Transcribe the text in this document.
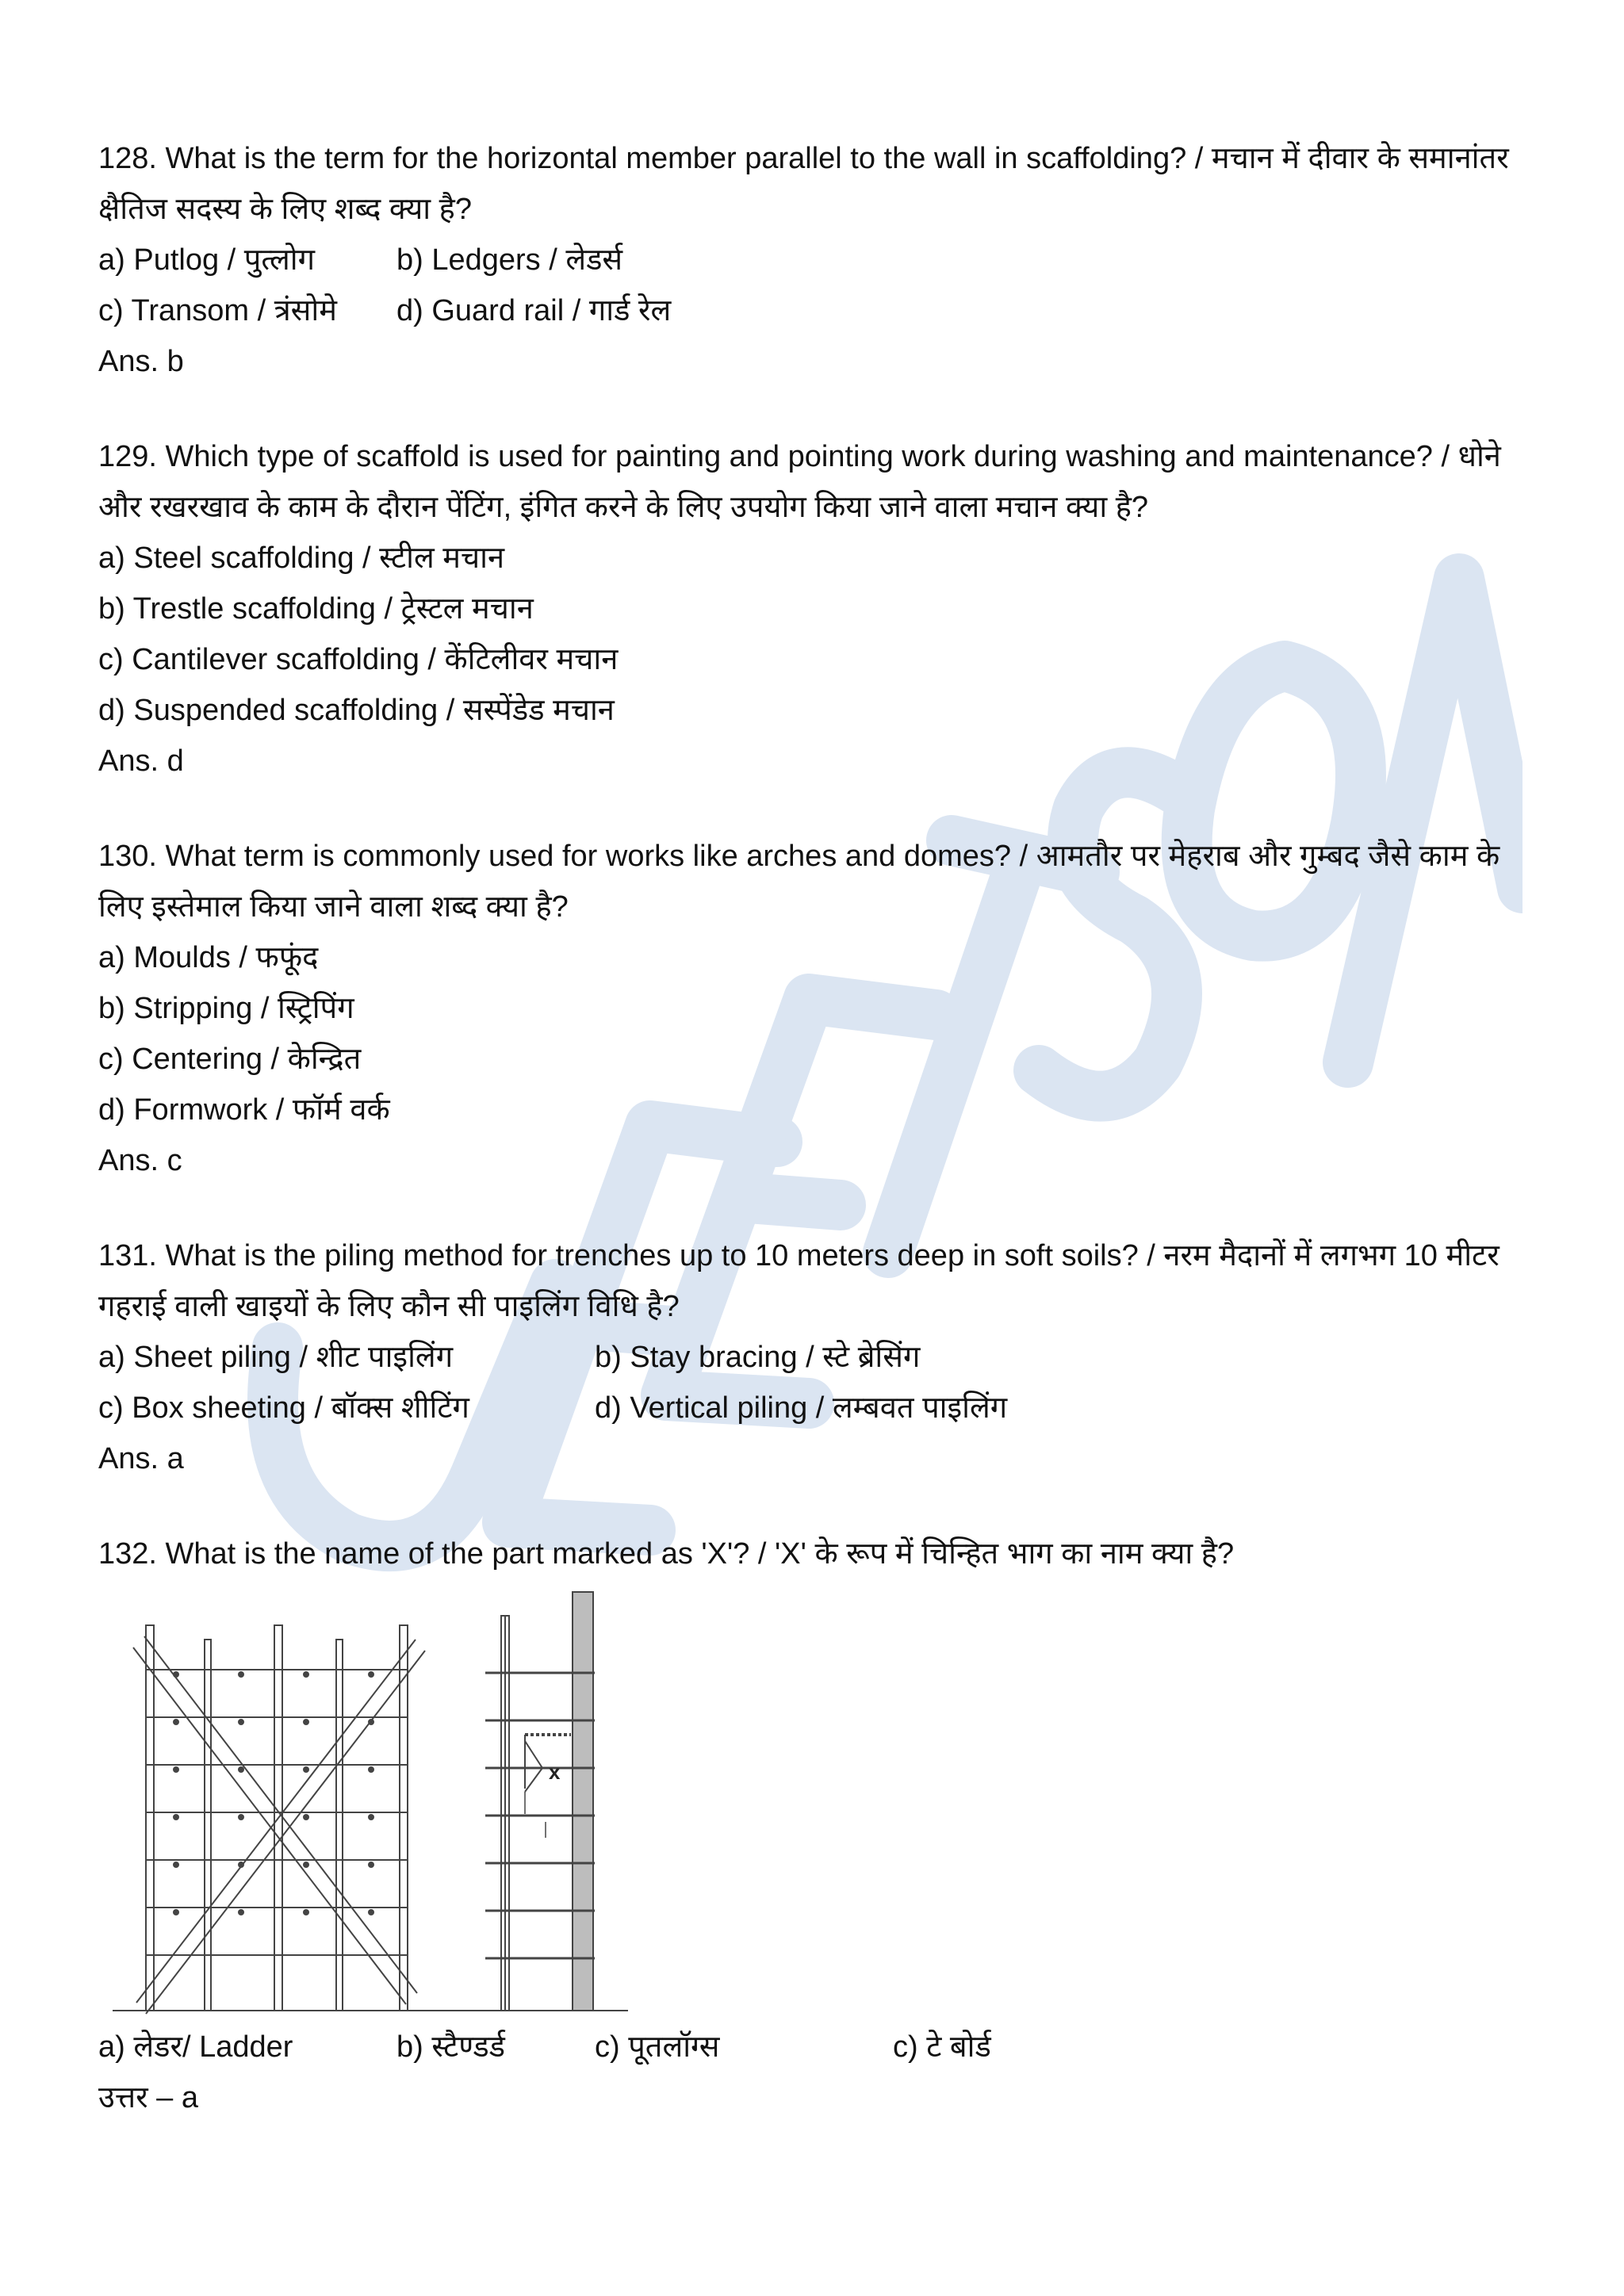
128. What is the term for the horizontal member parallel to the wall in scaffolding? / मचान में दीवार के समानांतर क्षैतिज सदस्य के लिए शब्द क्या है?

a) Putlog / पुत्लोग	b) Ledgers / लेडर्स
c) Transom / त्रंसोमे	d) Guard rail / गार्ड रेल

Ans. b

129. Which type of scaffold is used for painting and pointing work during washing and maintenance? / धोने और रखरखाव के काम के दौरान पेंटिंग, इंगित करने के लिए उपयोग किया जाने वाला मचान क्या है?

a) Steel scaffolding / स्टील मचान
b) Trestle scaffolding / ट्रेस्टल मचान
c) Cantilever scaffolding / केंटिलीवर मचान
d) Suspended scaffolding / सस्पेंडेड मचान

Ans. d

130. What term is commonly used for works like arches and domes? / आमतौर पर मेहराब और गुम्बद जैसे काम के लिए इस्तेमाल किया जाने वाला शब्द क्या है?

a) Moulds / फफूंद
b) Stripping / स्ट्रिपिंग
c) Centering / केन्द्रित
d) Formwork / फॉर्म वर्क

Ans. c

131. What is the piling method for trenches up to 10 meters deep in soft soils? / नरम मैदानों में लगभग 10 मीटर गहराई वाली खाइयों के लिए कौन सी पाइलिंग विधि है?

a) Sheet piling / शीट पाइलिंग	b) Stay bracing / स्टे ब्रेसिंग
c) Box sheeting / बॉक्स शीटिंग	d) Vertical piling / लम्बवत पाइलिंग

Ans. a

132. What is the name of the part marked as 'X'? / 'X' के रूप में चिन्हित भाग का नाम क्या है?

x
a) लेडर/ Ladder	b) स्टैण्डर्ड	c) पूतलॉग्स	c) टे बोर्ड

उत्तर – a
